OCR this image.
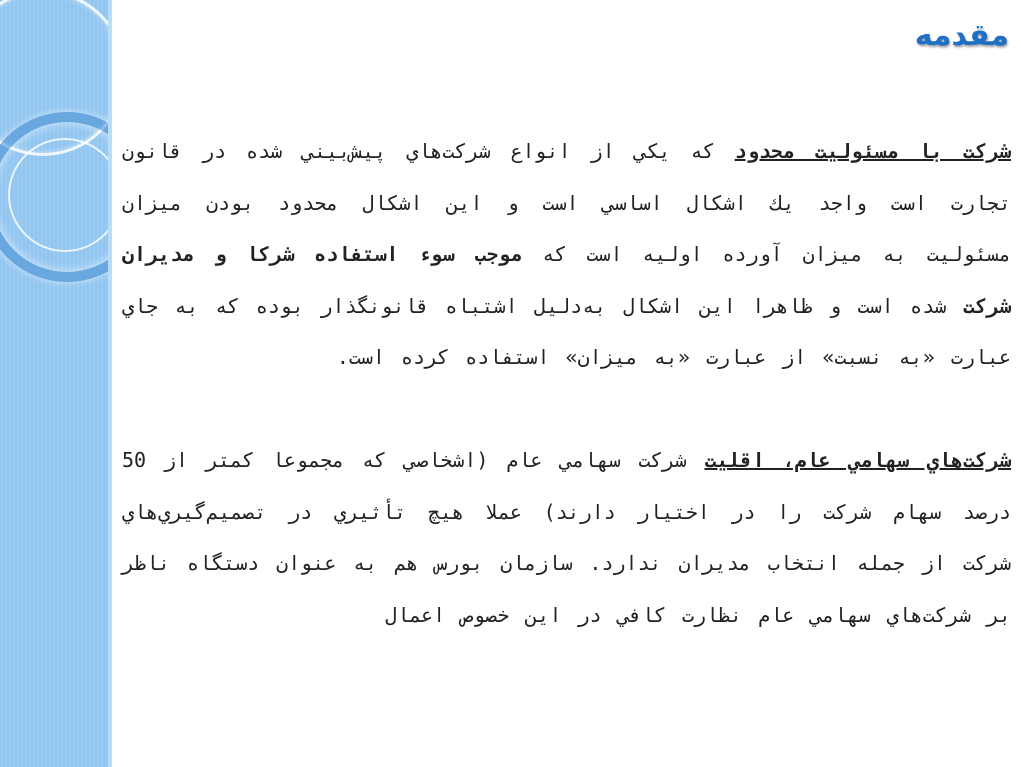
مقدمه

شركت با مسئوليت محدود كه يكي از انواع شركت‌هاي پيش‌بيني شده در قانون تجارت است واجد يك اشكال اساسي است و اين اشكال محدود بودن ميزان مسئوليت به ميزان آورده اوليه است كه موجب سوء استفاده شركا و مديران شركت شده است و ظاهرا اين اشكال به‌دليل اشتباه قانونگذار بوده كه به جاي عبارت «به نسبت» از عبارت «به ميزان» استفاده كرده است.

شركت‌هاي سهامي عام، اقليت شركت سهامي عام (اشخاصي كه مجموعا كمتر از 50 درصد سهام شركت را در اختيار دارند) عملا هيچ تأثيري در تصميم‌گيري‌هاي شركت از جمله انتخاب مديران ندارد. سازمان بورس هم به عنوان دستگاه ناظر بر شركت‌هاي سهامي عام نظارت كافي در اين خصوص اعمال
